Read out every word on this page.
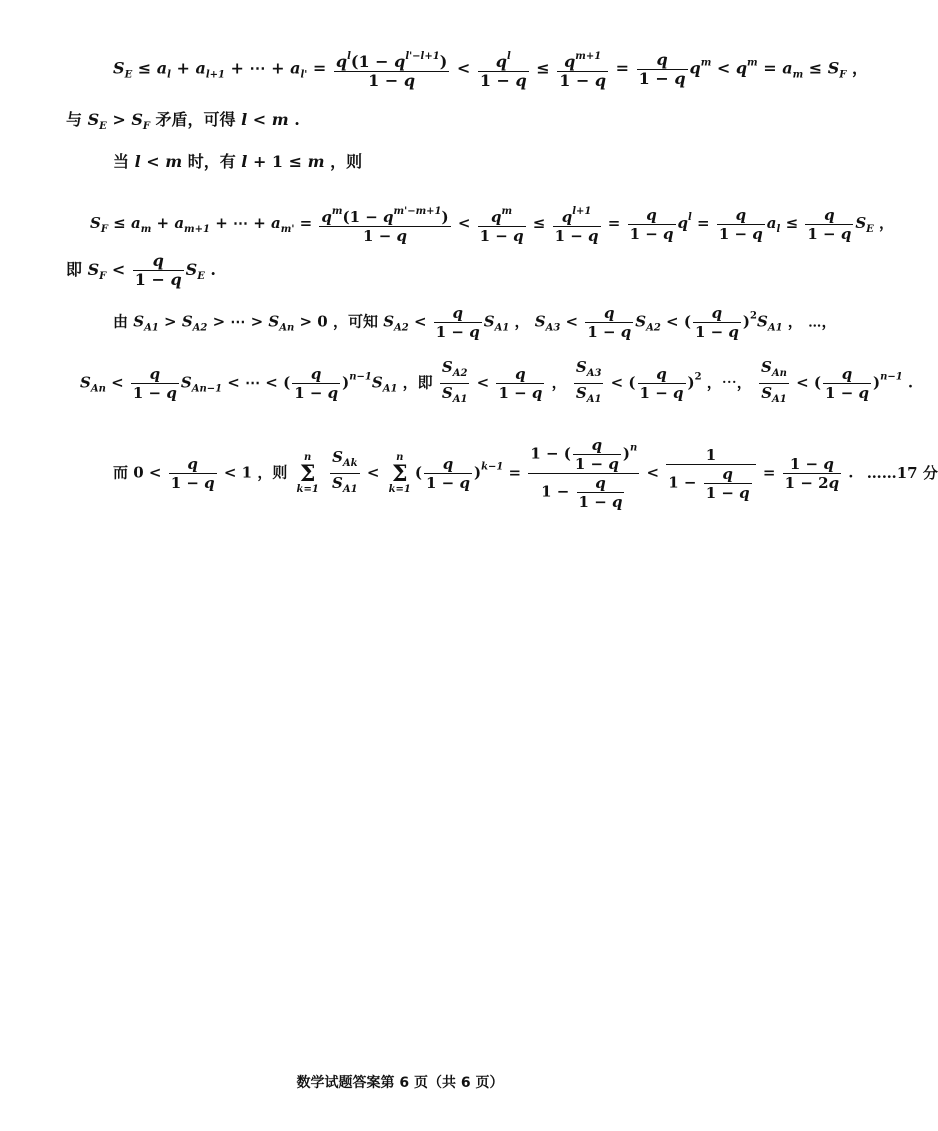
$S_E \le a_l + a_{l+1}$ + ⋯ + $a_{l'} = \frac{q^l(1 - q^{l'-l+1})}{1 - q} < \frac{q^l}{1 - q} \le \frac{q^{m+1}}{1 - q} = \frac{q}{1 - q} q^m < q^m = a_m \le S_F$ ，
与 $S_E > S_F$ 矛盾，可得 l < m .
当 l < m 时，有 l + 1 ≤ m ，则
$S_F \le a_m + a_{m+1}$ + ⋯ + $a_{m'} = \frac{q^m(1 - q^{m'-m+1})}{1 - q} < \frac{q^m}{1 - q} \le \frac{q^{l+1}}{1 - q} = \frac{q}{1 - q} q^l = \frac{q}{1 - q} a_l \le \frac{q}{1 - q} S_E$ ，
即 $S_F < \frac{q}{1 - q} S_E$ .
由 $S_{A1} > S_{A2}$ > ⋯ > $S_{An} > 0$ ，可知 $S_{A2} < \frac{q}{1 - q} S_{A1}$ ， $S_{A3} < \frac{q}{1 - q} S_{A2}$ < ( $\frac{q}{1 - q} )^2S_{A1}$ ， ⋯，
$S_{An} < \frac{q}{1 - q} S_{An-1}$ < ⋯ < ( $\frac{q}{1 - q} )^{n-1}S_{A1}$ ，即 $\frac{S_{A2}}{S_{A1}} < \frac{q}{1 - q}$ ， $\frac{S_{A3}}{S_{A1}}$ < ( $\frac{q}{1 - q} )^2$ ，⋯， $\frac{S_{An}}{S_{A1}}$ < ( $\frac{q}{1 - q} )^{n-1}$ .
而 $0 < \frac{q}{1 - q} < 1$ ，则
n
Σ
k=1
$\frac{S_{Ak}}{S_{A1}}$ <
n
Σ
k=1
( $\frac{q}{1 - q} )^{k-1} = \frac{1 - ( \frac{q}{1 - q} )^n}{1 - \frac{q}{1 - q}} < \frac{1}{1 - \frac{q}{1 - q}} = \frac{1 - q}{1 - 2q}$ . ……17 分
数学试题答案第 6 页（共 6 页）
